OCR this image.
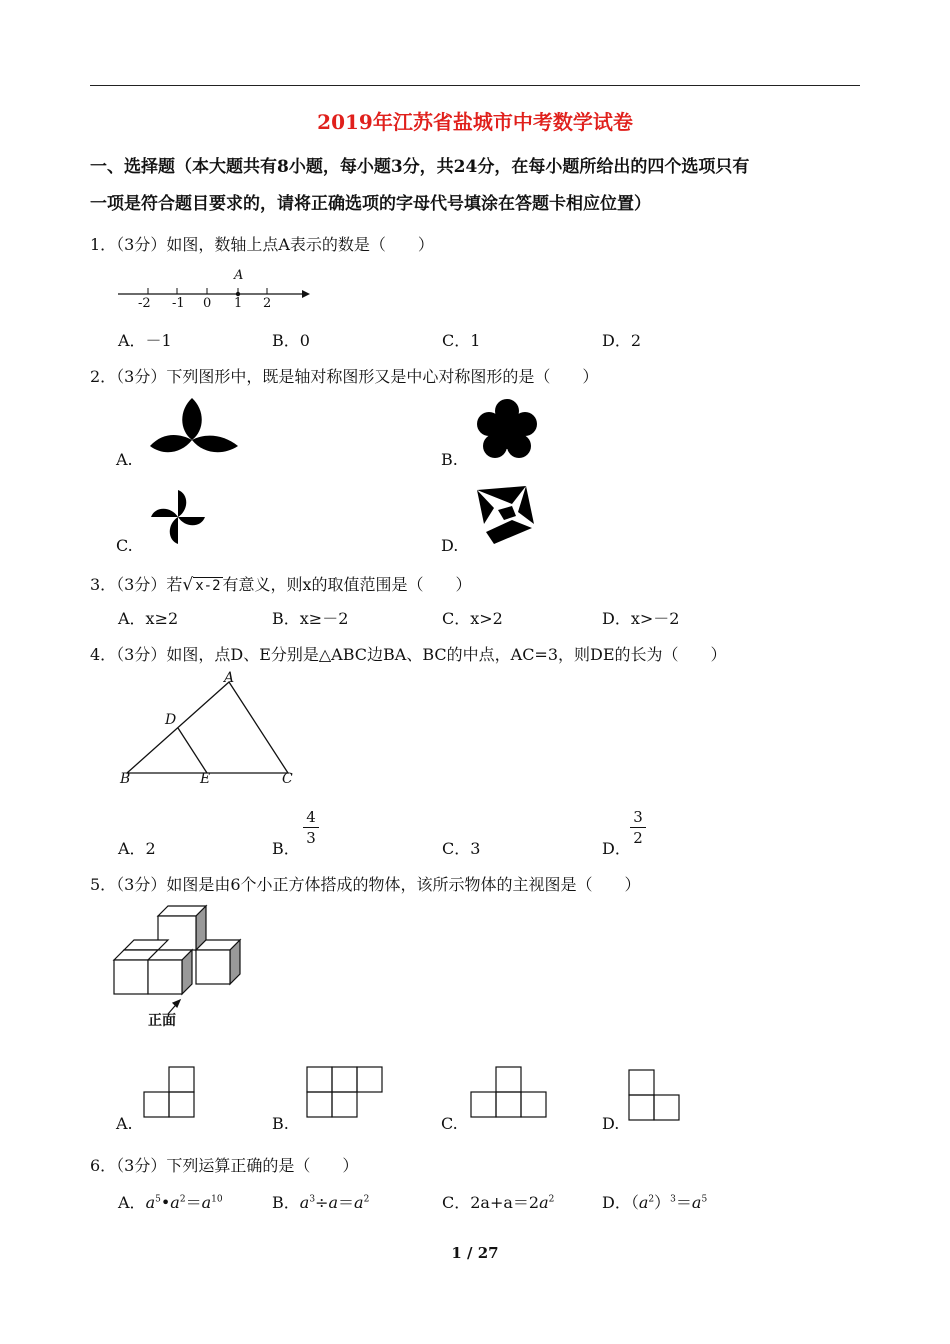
2019年江苏省盐城市中考数学试卷
一、选择题（本大题共有8小题，每小题3分，共24分，在每小题所给出的四个选项只有
一项是符合题目要求的，请将正确选项的字母代号填涂在答题卡相应位置）
1．（3分）如图，数轴上点A表示的数是（　　）
-2 -1 0 1 2
A
A．－1	B．0	C．1	D．2
2．（3分）下列图形中，既是轴对称图形又是中心对称图形的是（　　）
A.	B.
C.	D.
3．（3分）若√ x-2 有意义，则x的取值范围是（　　）
A．x≥2	B．x≥－2	C．x>2	D．x>－2
4．（3分）如图，点D、E分别是△ABC边BA、BC的中点，AC=3，则DE的长为（　　）
A
B	C
D
E
A．2	B．
4
3
C．3	D．
3
2
5．（3分）如图是由6个小正方体搭成的物体，该所示物体的主视图是（　　）
正面
A.	B.	C.	D.
6．（3分）下列运算正确的是（　　）
A．$a^5•a^2=a^{10}$	B．$a^3\div a=a^2$	C．$2a+a=2a^2$	D．$(a^2)^3=a^5$
1 / 27
